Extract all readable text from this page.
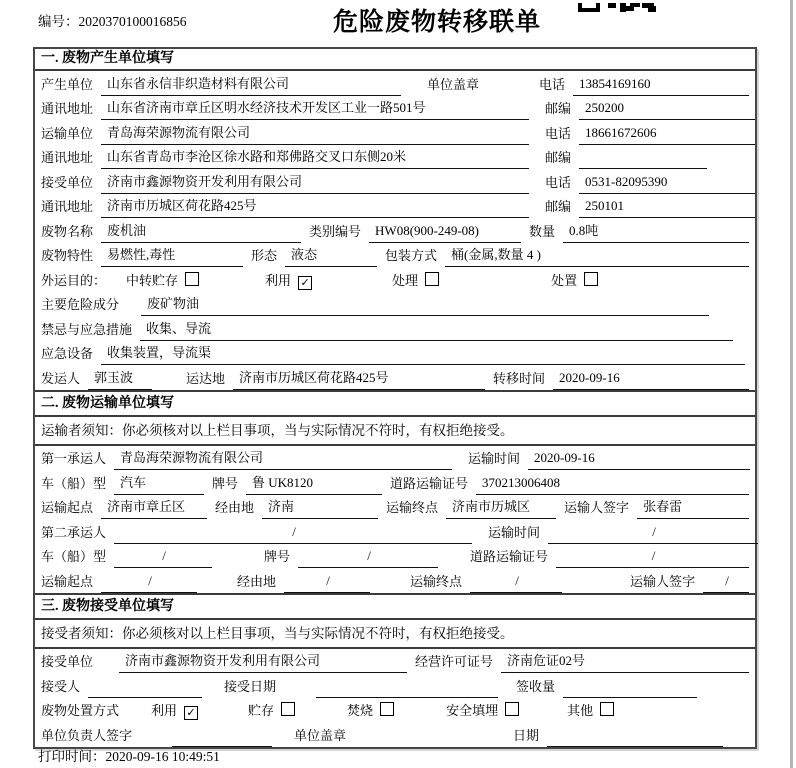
编号：2020370100016856	危险废物转移联单
一. 废物产生单位填写
产生单位	山东省永信非织造材料有限公司	单位盖章	电话	13854169160
通讯地址	山东省济南市章丘区明水经济技术开发区工业一路501号	邮编	250200
运输单位	青岛海荣源物流有限公司	电话	18661672606
通讯地址	山东省青岛市李沧区徐水路和郑佛路交叉口东侧20米	邮编
接受单位	济南市鑫源物资开发利用有限公司	电话	0531-82095390
通讯地址	济南市历城区荷花路425号	邮编	250101
废物名称	废机油	类别编号	HW08(900-249-08)	数量	0.8吨
废物特性	易燃性,毒性	形态	液态	包装方式	桶(金属,数量 4 )
外运目的： 中转贮存	利用 ✓	处理	处置
主要危险成分	废矿物油
禁忌与应急措施	收集、导流
应急设备	收集装置，导流渠
发运人	郭玉波	运达地	济南市历城区荷花路425号	转移时间	2020-09-16
二. 废物运输单位填写
运输者须知：你必须核对以上栏目事项，当与实际情况不符时，有权拒绝接受。
第一承运人	青岛海荣源物流有限公司	运输时间	2020-09-16
车（船）型	汽车	牌号	鲁 UK8120	道路运输证号	370213006408
运输起点	济南市章丘区	经由地	济南	运输终点	济南市历城区	运输人签字	张春雷
第二承运人	/	运输时间	/
车（船）型	/	牌号	/	道路运输证号	/
运输起点	/	经由地	/	运输终点	/	运输人签字	/
三. 废物接受单位填写
接受者须知：你必须核对以上栏目事项，当与实际情况不符时，有权拒绝接受。
接受单位	济南市鑫源物资开发利用有限公司	经营许可证号	济南危证02号
接受人	接受日期	签收量
废物处置方式 利用 ✓	贮存	焚烧	安全填埋	其他
单位负责人签字	单位盖章	日期
打印时间：2020-09-16 10:49:51
